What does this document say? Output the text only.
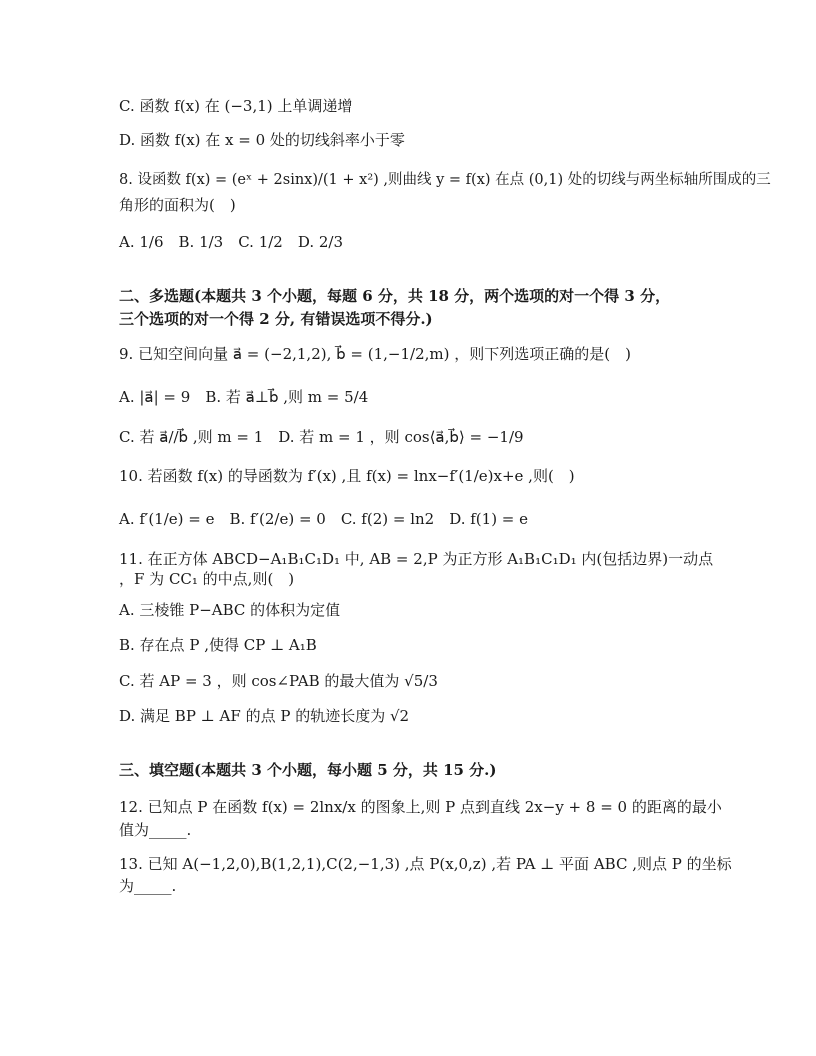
C. 函数 f(x) 在 (−3,1) 上单调递增
D. 函数 f(x) 在 x = 0 处的切线斜率小于零
8. 设函数 f(x) = (eˣ + 2sinx)/(1 + x²) ,则曲线 y = f(x) 在点 (0,1) 处的切线与两坐标轴所围成的三
角形的面积为(　)
A. 1/6　B. 1/3　C. 1/2　D. 2/3
二、多选题(本题共 3 个小题，每题 6 分，共 18 分，两个选项的对一个得 3 分，
三个选项的对一个得 2 分, 有错误选项不得分.)
9. 已知空间向量 a⃗ = (−2,1,2), b⃗ = (1,−1/2,m) ，则下列选项正确的是(　)
A. |a⃗| = 9　B. 若 a⃗⊥b⃗ ,则 m = 5/4
C. 若 a⃗//b⃗ ,则 m = 1　D. 若 m = 1 ，则 cos⟨a⃗,b⃗⟩ = −1/9
10. 若函数 f(x) 的导函数为 f′(x) ,且 f(x) = lnx−f′(1/e)x+e ,则(　)
A. f′(1/e) = e　B. f′(2/e) = 0　C. f(2) = ln2　D. f(1) = e
11. 在正方体 ABCD−A₁B₁C₁D₁ 中, AB = 2,P 为正方形 A₁B₁C₁D₁ 内(包括边界)一动点
，F 为 CC₁ 的中点,则(　)
A. 三棱锥 P−ABC 的体积为定值
B. 存在点 P ,使得 CP ⊥ A₁B
C. 若 AP = 3 ，则 cos∠PAB 的最大值为 √5/3
D. 满足 BP ⊥ AF 的点 P 的轨迹长度为 √2
三、填空题(本题共 3 个小题，每小题 5 分，共 15 分.)
12. 已知点 P 在函数 f(x) = 2lnx/x 的图象上,则 P 点到直线 2x−y + 8 = 0 的距离的最小
值为_____.
13. 已知 A(−1,2,0),B(1,2,1),C(2,−1,3) ,点 P(x,0,z) ,若 PA ⊥ 平面 ABC ,则点 P 的坐标
为_____.
